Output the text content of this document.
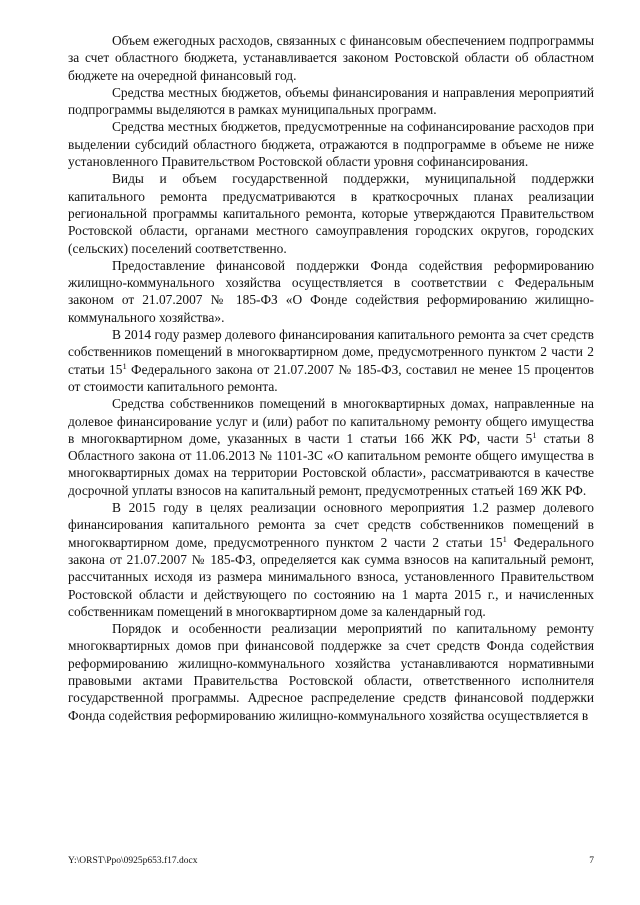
Объем ежегодных расходов, связанных с финансовым обеспечением подпрограммы за счет областного бюджета, устанавливается законом Ростовской области об областном бюджете на очередной финансовый год.

Средства местных бюджетов, объемы финансирования и направления мероприятий подпрограммы выделяются в рамках муниципальных программ.

Средства местных бюджетов, предусмотренные на софинансирование расходов при выделении субсидий областного бюджета, отражаются в подпрограмме в объеме не ниже установленного Правительством Ростовской области уровня софинансирования.

Виды и объем государственной поддержки, муниципальной поддержки капитального ремонта предусматриваются в краткосрочных планах реализации региональной программы капитального ремонта, которые утверждаются Правительством Ростовской области, органами местного самоуправления городских округов, городских (сельских) поселений соответственно.

Предоставление финансовой поддержки Фонда содействия реформированию жилищно-коммунального хозяйства осуществляется в соответствии с Федеральным законом от 21.07.2007 № 185-ФЗ «О Фонде содействия реформированию жилищно-коммунального хозяйства».

В 2014 году размер долевого финансирования капитального ремонта за счет средств собственников помещений в многоквартирном доме, предусмотренного пунктом 2 части 2 статьи $15^1$ Федерального закона от 21.07.2007 № 185-ФЗ, составил не менее 15 процентов от стоимости капитального ремонта.

Средства собственников помещений в многоквартирных домах, направленные на долевое финансирование услуг и (или) работ по капитальному ремонту общего имущества в многоквартирном доме, указанных в части 1 статьи 166 ЖК РФ, части $5^1$ статьи 8 Областного закона от 11.06.2013 № 1101-ЗС «О капитальном ремонте общего имущества в многоквартирных домах на территории Ростовской области», рассматриваются в качестве досрочной уплаты взносов на капитальный ремонт, предусмотренных статьей 169 ЖК РФ.

В 2015 году в целях реализации основного мероприятия 1.2 размер долевого финансирования капитального ремонта за счет средств собственников помещений в многоквартирном доме, предусмотренного пунктом 2 части 2 статьи $15^1$ Федерального закона от 21.07.2007 № 185-ФЗ, определяется как сумма взносов на капитальный ремонт, рассчитанных исходя из размера минимального взноса, установленного Правительством Ростовской области и действующего по состоянию на 1 марта 2015 г., и начисленных собственникам помещений в многоквартирном доме за календарный год.

Порядок и особенности реализации мероприятий по капитальному ремонту многоквартирных домов при финансовой поддержке за счет средств Фонда содействия реформированию жилищно-коммунального хозяйства устанавливаются нормативными правовыми актами Правительства Ростовской области, ответственного исполнителя государственной программы. Адресное распределение средств финансовой поддержки Фонда содействия реформированию жилищно-коммунального хозяйства осуществляется в

Y:\ORST\Ppo\0925p653.f17.docx	7
